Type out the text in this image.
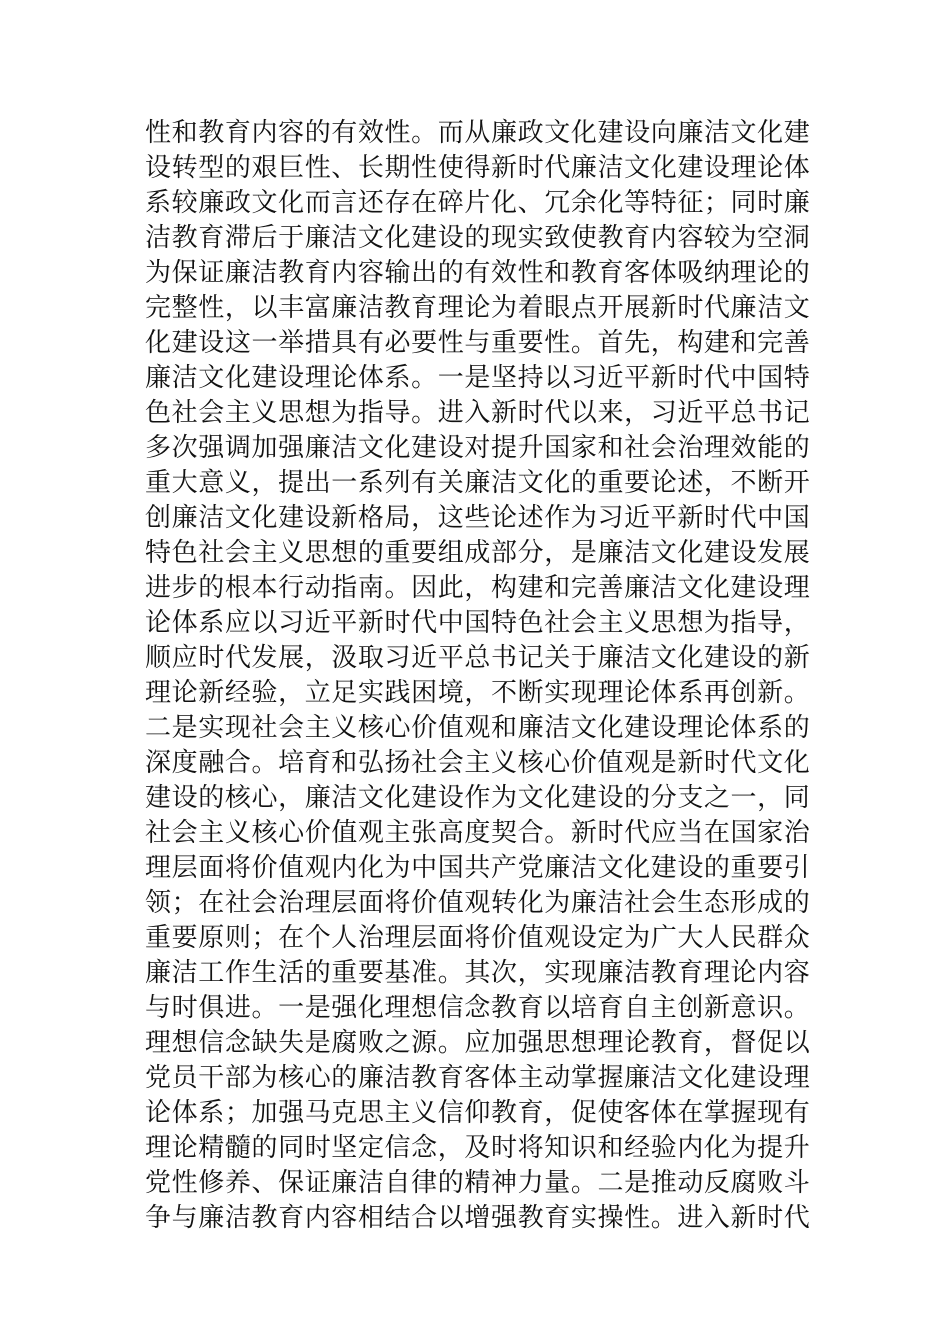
性和教育内容的有效性。而从廉政文化建设向廉洁文化建
设转型的艰巨性、长期性使得新时代廉洁文化建设理论体
系较廉政文化而言还存在碎片化、冗余化等特征；同时廉
洁教育滞后于廉洁文化建设的现实致使教育内容较为空洞
为保证廉洁教育内容输出的有效性和教育客体吸纳理论的
完整性，以丰富廉洁教育理论为着眼点开展新时代廉洁文
化建设这一举措具有必要性与重要性。首先，构建和完善
廉洁文化建设理论体系。一是坚持以习近平新时代中国特
色社会主义思想为指导。进入新时代以来，习近平总书记
多次强调加强廉洁文化建设对提升国家和社会治理效能的
重大意义，提出一系列有关廉洁文化的重要论述，不断开
创廉洁文化建设新格局，这些论述作为习近平新时代中国
特色社会主义思想的重要组成部分，是廉洁文化建设发展
进步的根本行动指南。因此，构建和完善廉洁文化建设理
论体系应以习近平新时代中国特色社会主义思想为指导，
顺应时代发展，汲取习近平总书记关于廉洁文化建设的新
理论新经验，立足实践困境，不断实现理论体系再创新。
二是实现社会主义核心价值观和廉洁文化建设理论体系的
深度融合。培育和弘扬社会主义核心价值观是新时代文化
建设的核心，廉洁文化建设作为文化建设的分支之一，同
社会主义核心价值观主张高度契合。新时代应当在国家治
理层面将价值观内化为中国共产党廉洁文化建设的重要引
领；在社会治理层面将价值观转化为廉洁社会生态形成的
重要原则；在个人治理层面将价值观设定为广大人民群众
廉洁工作生活的重要基准。其次，实现廉洁教育理论内容
与时俱进。一是强化理想信念教育以培育自主创新意识。
理想信念缺失是腐败之源。应加强思想理论教育，督促以
党员干部为核心的廉洁教育客体主动掌握廉洁文化建设理
论体系；加强马克思主义信仰教育，促使客体在掌握现有
理论精髓的同时坚定信念，及时将知识和经验内化为提升
党性修养、保证廉洁自律的精神力量。二是推动反腐败斗
争与廉洁教育内容相结合以增强教育实操性。进入新时代
